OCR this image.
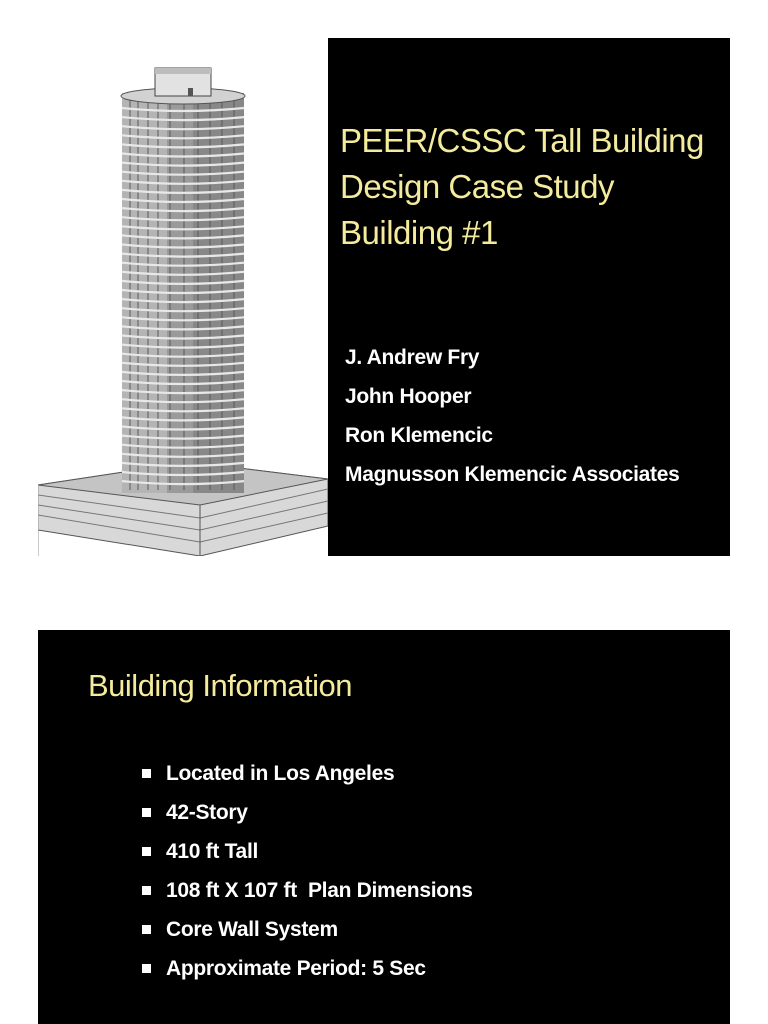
PEER/CSSC Tall Building
Design Case Study
Building #1
J. Andrew Fry
John Hooper
Ron Klemencic
Magnusson Klemencic Associates
Building Information
Located in Los Angeles
42-Story
410 ft Tall
108 ft X 107 ft  Plan Dimensions
Core Wall System
Approximate Period: 5 Sec
